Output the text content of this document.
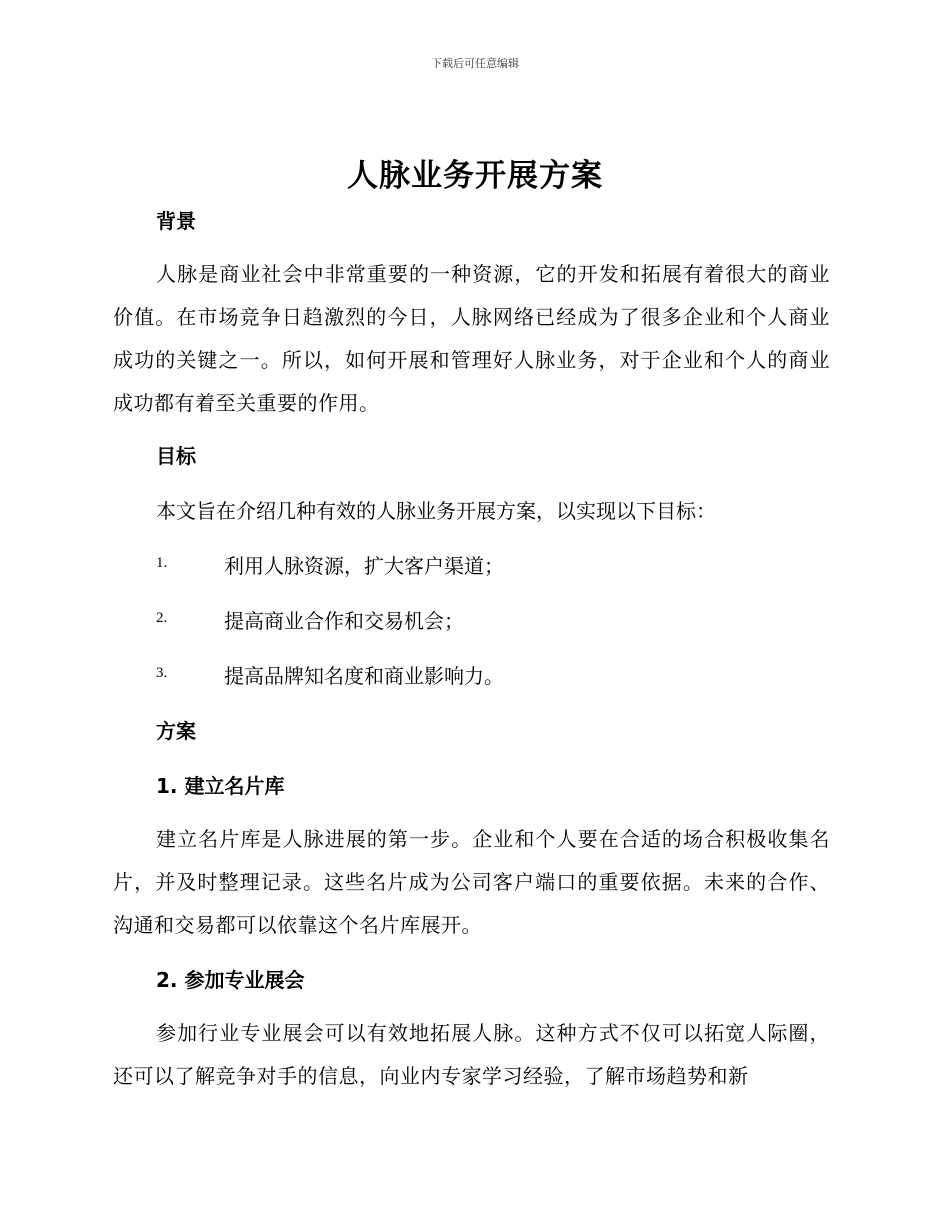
下载后可任意编辑
人脉业务开展方案
背景

人脉是商业社会中非常重要的一种资源，它的开发和拓展有着很大的商业价值。在市场竞争日趋激烈的今日，人脉网络已经成为了很多企业和个人商业成功的关键之一。所以，如何开展和管理好人脉业务，对于企业和个人的商业成功都有着至关重要的作用。

目标

本文旨在介绍几种有效的人脉业务开展方案，以实现以下目标：

1.	利用人脉资源，扩大客户渠道；
2.	提高商业合作和交易机会；
3.	提高品牌知名度和商业影响力。
方案
1. 建立名片库

建立名片库是人脉进展的第一步。企业和个人要在合适的场合积极收集名片，并及时整理记录。这些名片成为公司客户端口的重要依据。未来的合作、沟通和交易都可以依靠这个名片库展开。

2. 参加专业展会

参加行业专业展会可以有效地拓展人脉。这种方式不仅可以拓宽人际圈，还可以了解竞争对手的信息，向业内专家学习经验，了解市场趋势和新
